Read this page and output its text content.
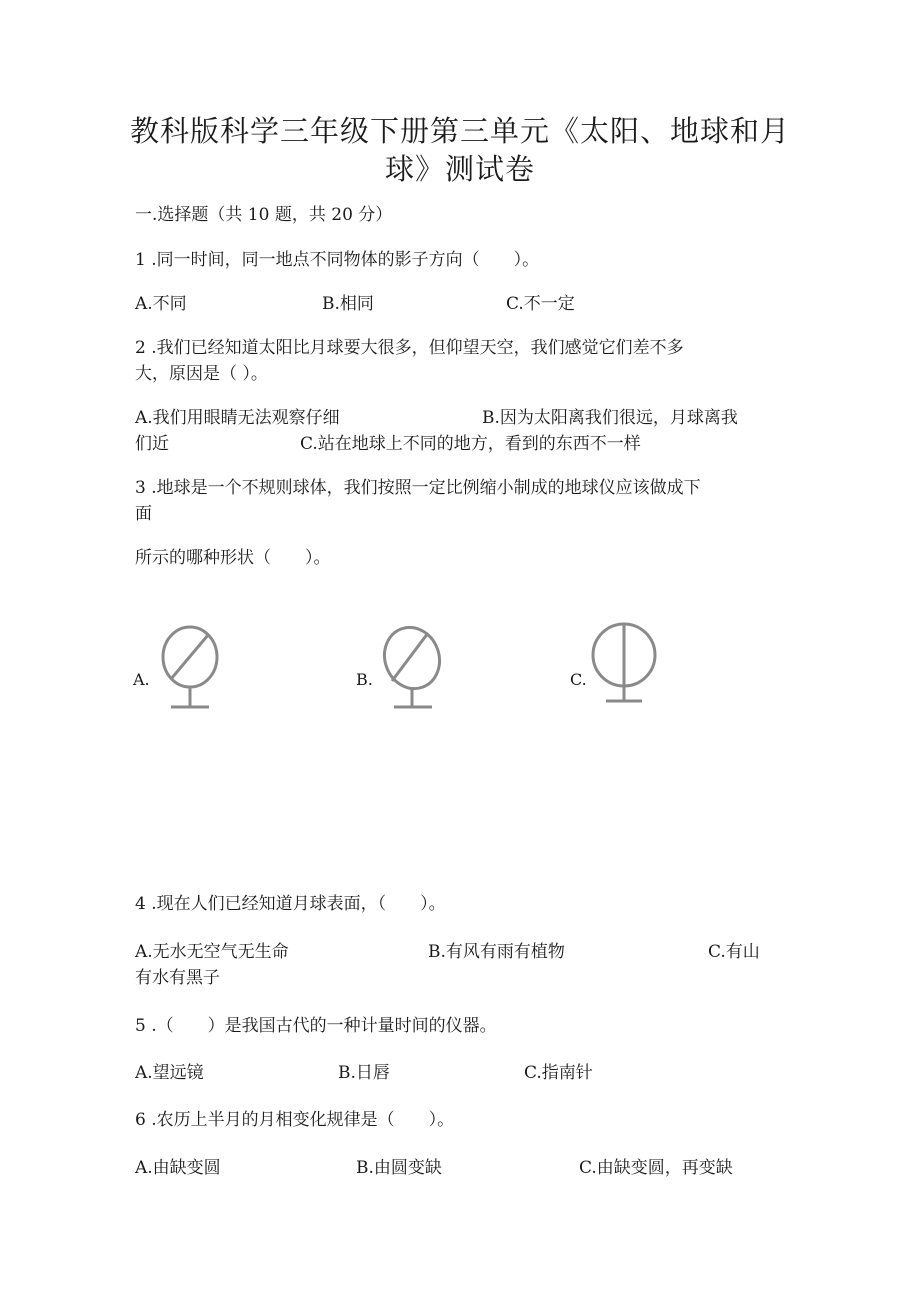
教科版科学三年级下册第三单元《太阳、地球和月
球》测试卷
一.选择题（共 10 题，共 20 分）
1 .同一时间，同一地点不同物体的影子方向（　　）。
A.不同	B.相同	C.不一定
2 .我们已经知道太阳比月球要大很多，但仰望天空，我们感觉它们差不多
大，原因是（ ）。
A.我们用眼睛无法观察仔细	B.因为太阳离我们很远，月球离我
们近	C.站在地球上不同的地方，看到的东西不一样
3 .地球是一个不规则球体，我们按照一定比例缩小制成的地球仪应该做成下
面
所示的哪种形状（　　）。
A.	B.	C.
4 .现在人们已经知道月球表面，（　　）。
A.无水无空气无生命	B.有风有雨有植物	C.有山
有水有黑子
5 .（　　）是我国古代的一种计量时间的仪器。
A.望远镜	B.日唇	C.指南针
6 .农历上半月的月相变化规律是（　　）。
A.由缺变圆	B.由圆变缺	C.由缺变圆，再变缺
